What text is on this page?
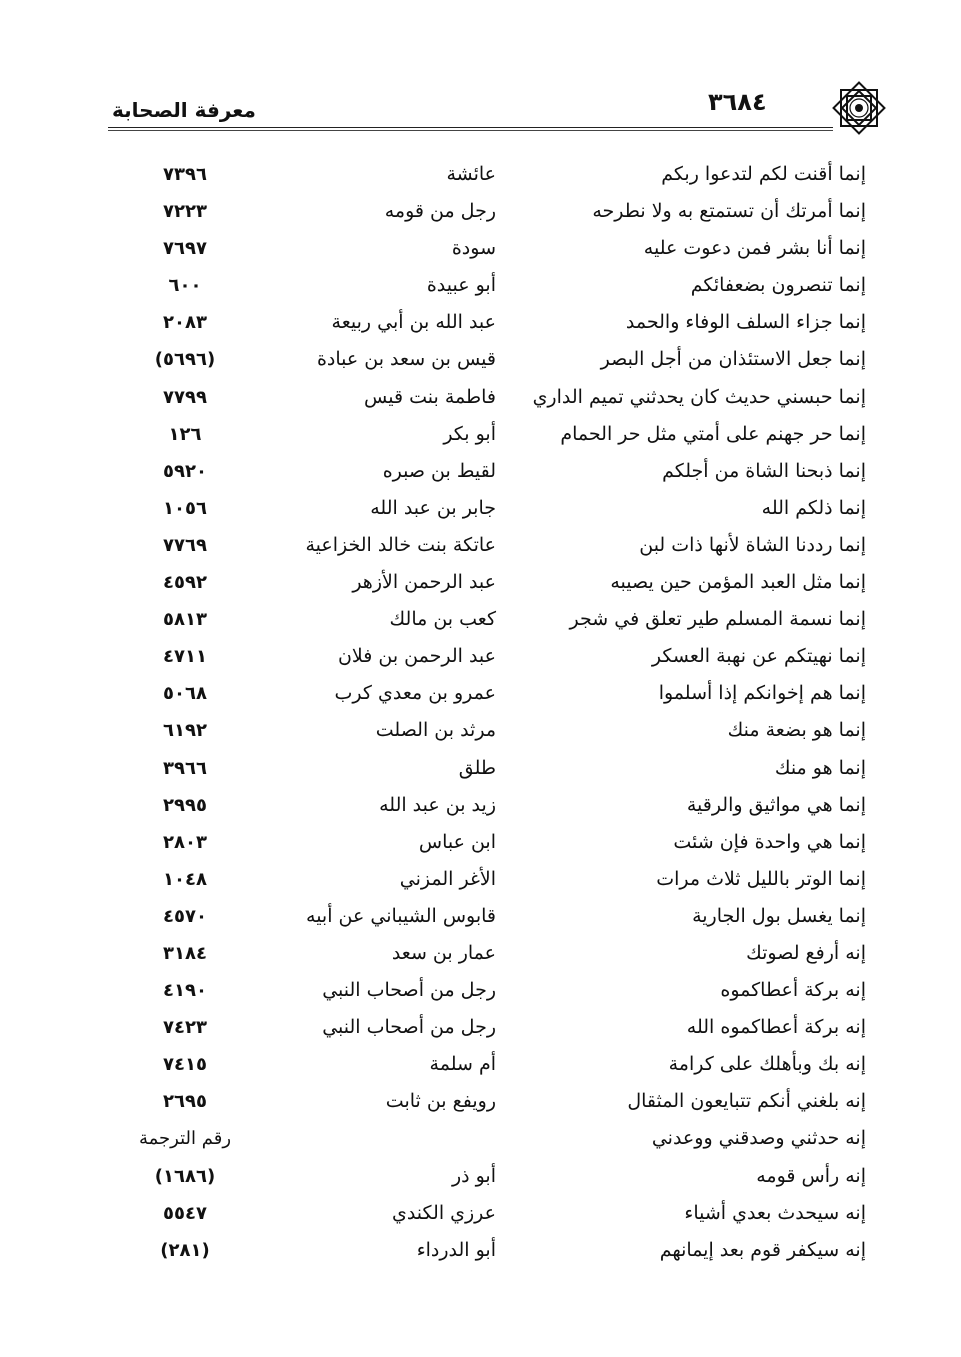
معرفة الصحابة	٣٦٨٤
إنما أقنت لكم لتدعوا ربكم
عائشة
٧٣٩٦
إنما أمرتك أن تستمتع به ولا نطرحه
رجل من قومه
٧٢٢٣
إنما أنا بشر فمن دعوت عليه
سودة
٧٦٩٧
إنما تنصرون بضعفائكم
أبو عبيدة
٦٠٠
إنما جزاء السلف الوفاء والحمد
عبد الله بن أبي ربيعة
٢٠٨٣
إنما جعل الاستئذان من أجل البصر
قيس بن سعد بن عبادة
(٥٦٩٦)
إنما حبسني حديث كان يحدثني تميم الداري
فاطمة بنت قيس
٧٧٩٩
إنما حر جهنم على أمتي مثل حر الحمام
أبو بكر
١٢٦
إنما ذبحنا الشاة من أجلكم
لقيط بن صبره
٥٩٢٠
إنما ذلكم الله
جابر بن عبد الله
١٠٥٦
إنما رددنا الشاة لأنها ذات لبن
عاتكة بنت خالد الخزاعية
٧٧٦٩
إنما مثل العبد المؤمن حين يصيبه
عبد الرحمن الأزهر
٤٥٩٢
إنما نسمة المسلم طير تعلق في شجر
كعب بن مالك
٥٨١٣
إنما نهيتكم عن نهبة العسكر
عبد الرحمن بن فلان
٤٧١١
إنما هم إخوانكم إذا أسلموا
عمرو بن معدي كرب
٥٠٦٨
إنما هو بضعة منك
مرثد بن الصلت
٦١٩٢
إنما هو منك
طلق
٣٩٦٦
إنما هي مواثيق والرقية
زيد بن عبد الله
٢٩٩٥
إنما هي واحدة فإن شئت
ابن عباس
٢٨٠٣
إنما الوتر بالليل ثلاث مرات
الأغر المزني
١٠٤٨
إنما يغسل بول الجارية
قابوس الشيباني عن أبيه
٤٥٧٠
إنه أرفع لصوتك
عمار بن سعد
٣١٨٤
إنه بركة أعطاكموه
رجل من أصحاب النبي
٤١٩٠
إنه بركة أعطاكموه الله
رجل من أصحاب النبي
٧٤٢٣
إنه بك وبأهلك على كرامة
أم سلمة
٧٤١٥
إنه بلغني أنكم تتبايعون المثقال
رويفع بن ثابت
٢٦٩٥
إنه حدثني وصدقني ووعدني
رقم الترجمة
إنه رأس قومه
أبو ذر
(١٦٨٦)
إنه سيحدث بعدي أشياء
عرزي الكندي
٥٥٤٧
إنه سيكفر قوم بعد إيمانهم
أبو الدرداء
(٢٨١)
